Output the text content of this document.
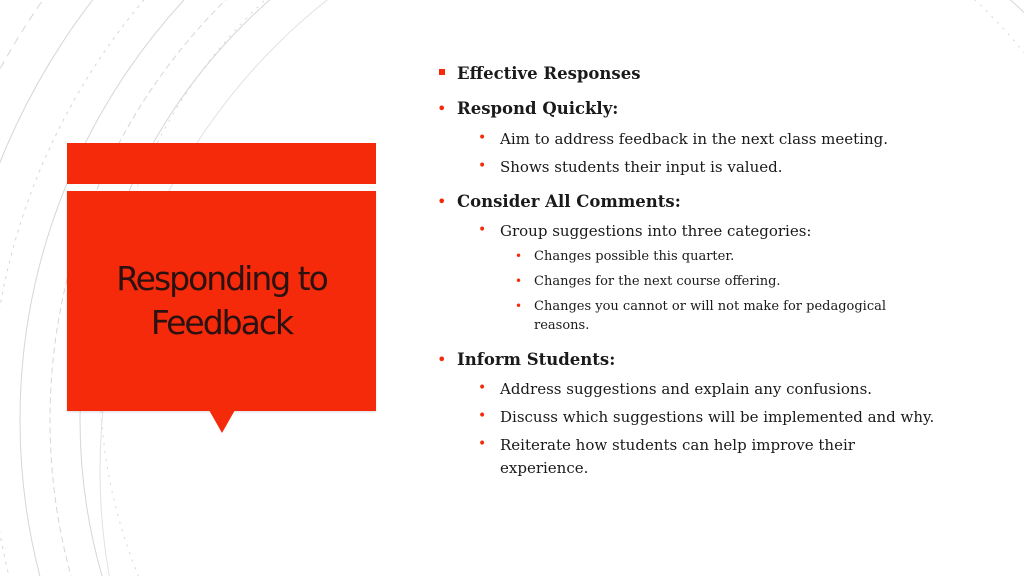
Responding to Feedback
Effective Responses
• Respond Quickly:
• Aim to address feedback in the next class meeting.
• Shows students their input is valued.
• Consider All Comments:
• Group suggestions into three categories:
• Changes possible this quarter.
• Changes for the next course offering.
• Changes you cannot or will not make for pedagogical
reasons.
• Inform Students:
• Address suggestions and explain any confusions.
• Discuss which suggestions will be implemented and why.
• Reiterate how students can help improve their
experience.
